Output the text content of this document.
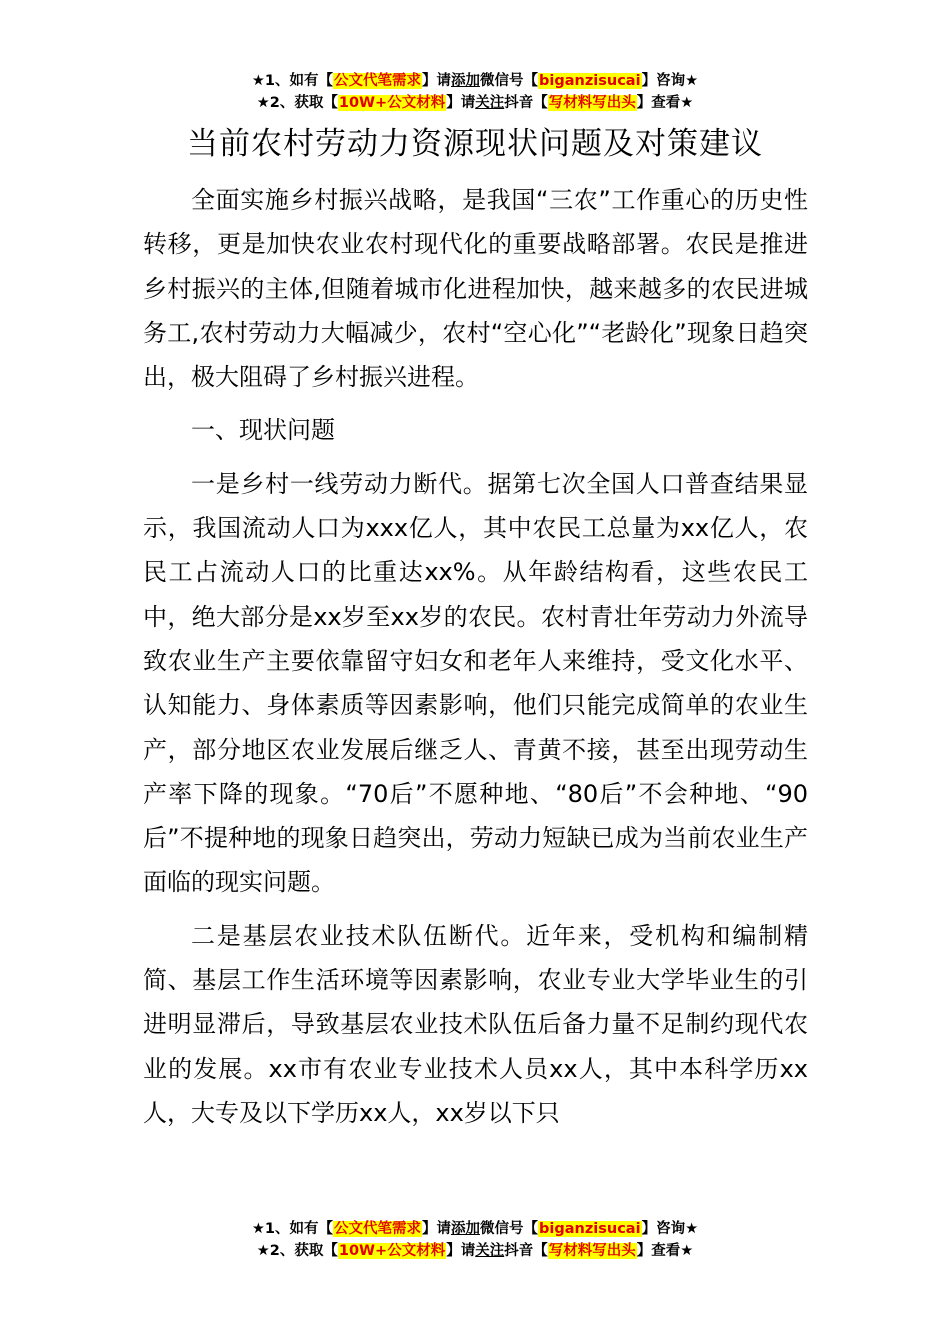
★1、如有【公文代笔需求】请添加微信号【biganzisucai】咨询★
★2、获取【10W+公文材料】请关注抖音【写材料写出头】查看★
当前农村劳动力资源现状问题及对策建议

全面实施乡村振兴战略，是我国“三农”工作重心的历史性转移，更是加快农业农村现代化的重要战略部署。农民是推进乡村振兴的主体,但随着城市化进程加快，越来越多的农民进城务工,农村劳动力大幅减少，农村“空心化”“老龄化”现象日趋突出，极大阻碍了乡村振兴进程。

一、现状问题

一是乡村一线劳动力断代。据第七次全国人口普查结果显示，我国流动人口为xxx亿人，其中农民工总量为xx亿人，农民工占流动人口的比重达xx%。从年龄结构看，这些农民工中，绝大部分是xx岁至xx岁的农民。农村青壮年劳动力外流导致农业生产主要依靠留守妇女和老年人来维持，受文化水平、认知能力、身体素质等因素影响，他们只能完成简单的农业生产，部分地区农业发展后继乏人、青黄不接，甚至出现劳动生产率下降的现象。“70后”不愿种地、“80后”不会种地、“90后”不提种地的现象日趋突出，劳动力短缺已成为当前农业生产面临的现实问题。

二是基层农业技术队伍断代。近年来，受机构和编制精简、基层工作生活环境等因素影响，农业专业大学毕业生的引进明显滞后，导致基层农业技术队伍后备力量不足制约现代农业的发展。xx市有农业专业技术人员xx人，其中本科学历xx人，大专及以下学历xx人，xx岁以下只

★1、如有【公文代笔需求】请添加微信号【biganzisucai】咨询★
★2、获取【10W+公文材料】请关注抖音【写材料写出头】查看★
